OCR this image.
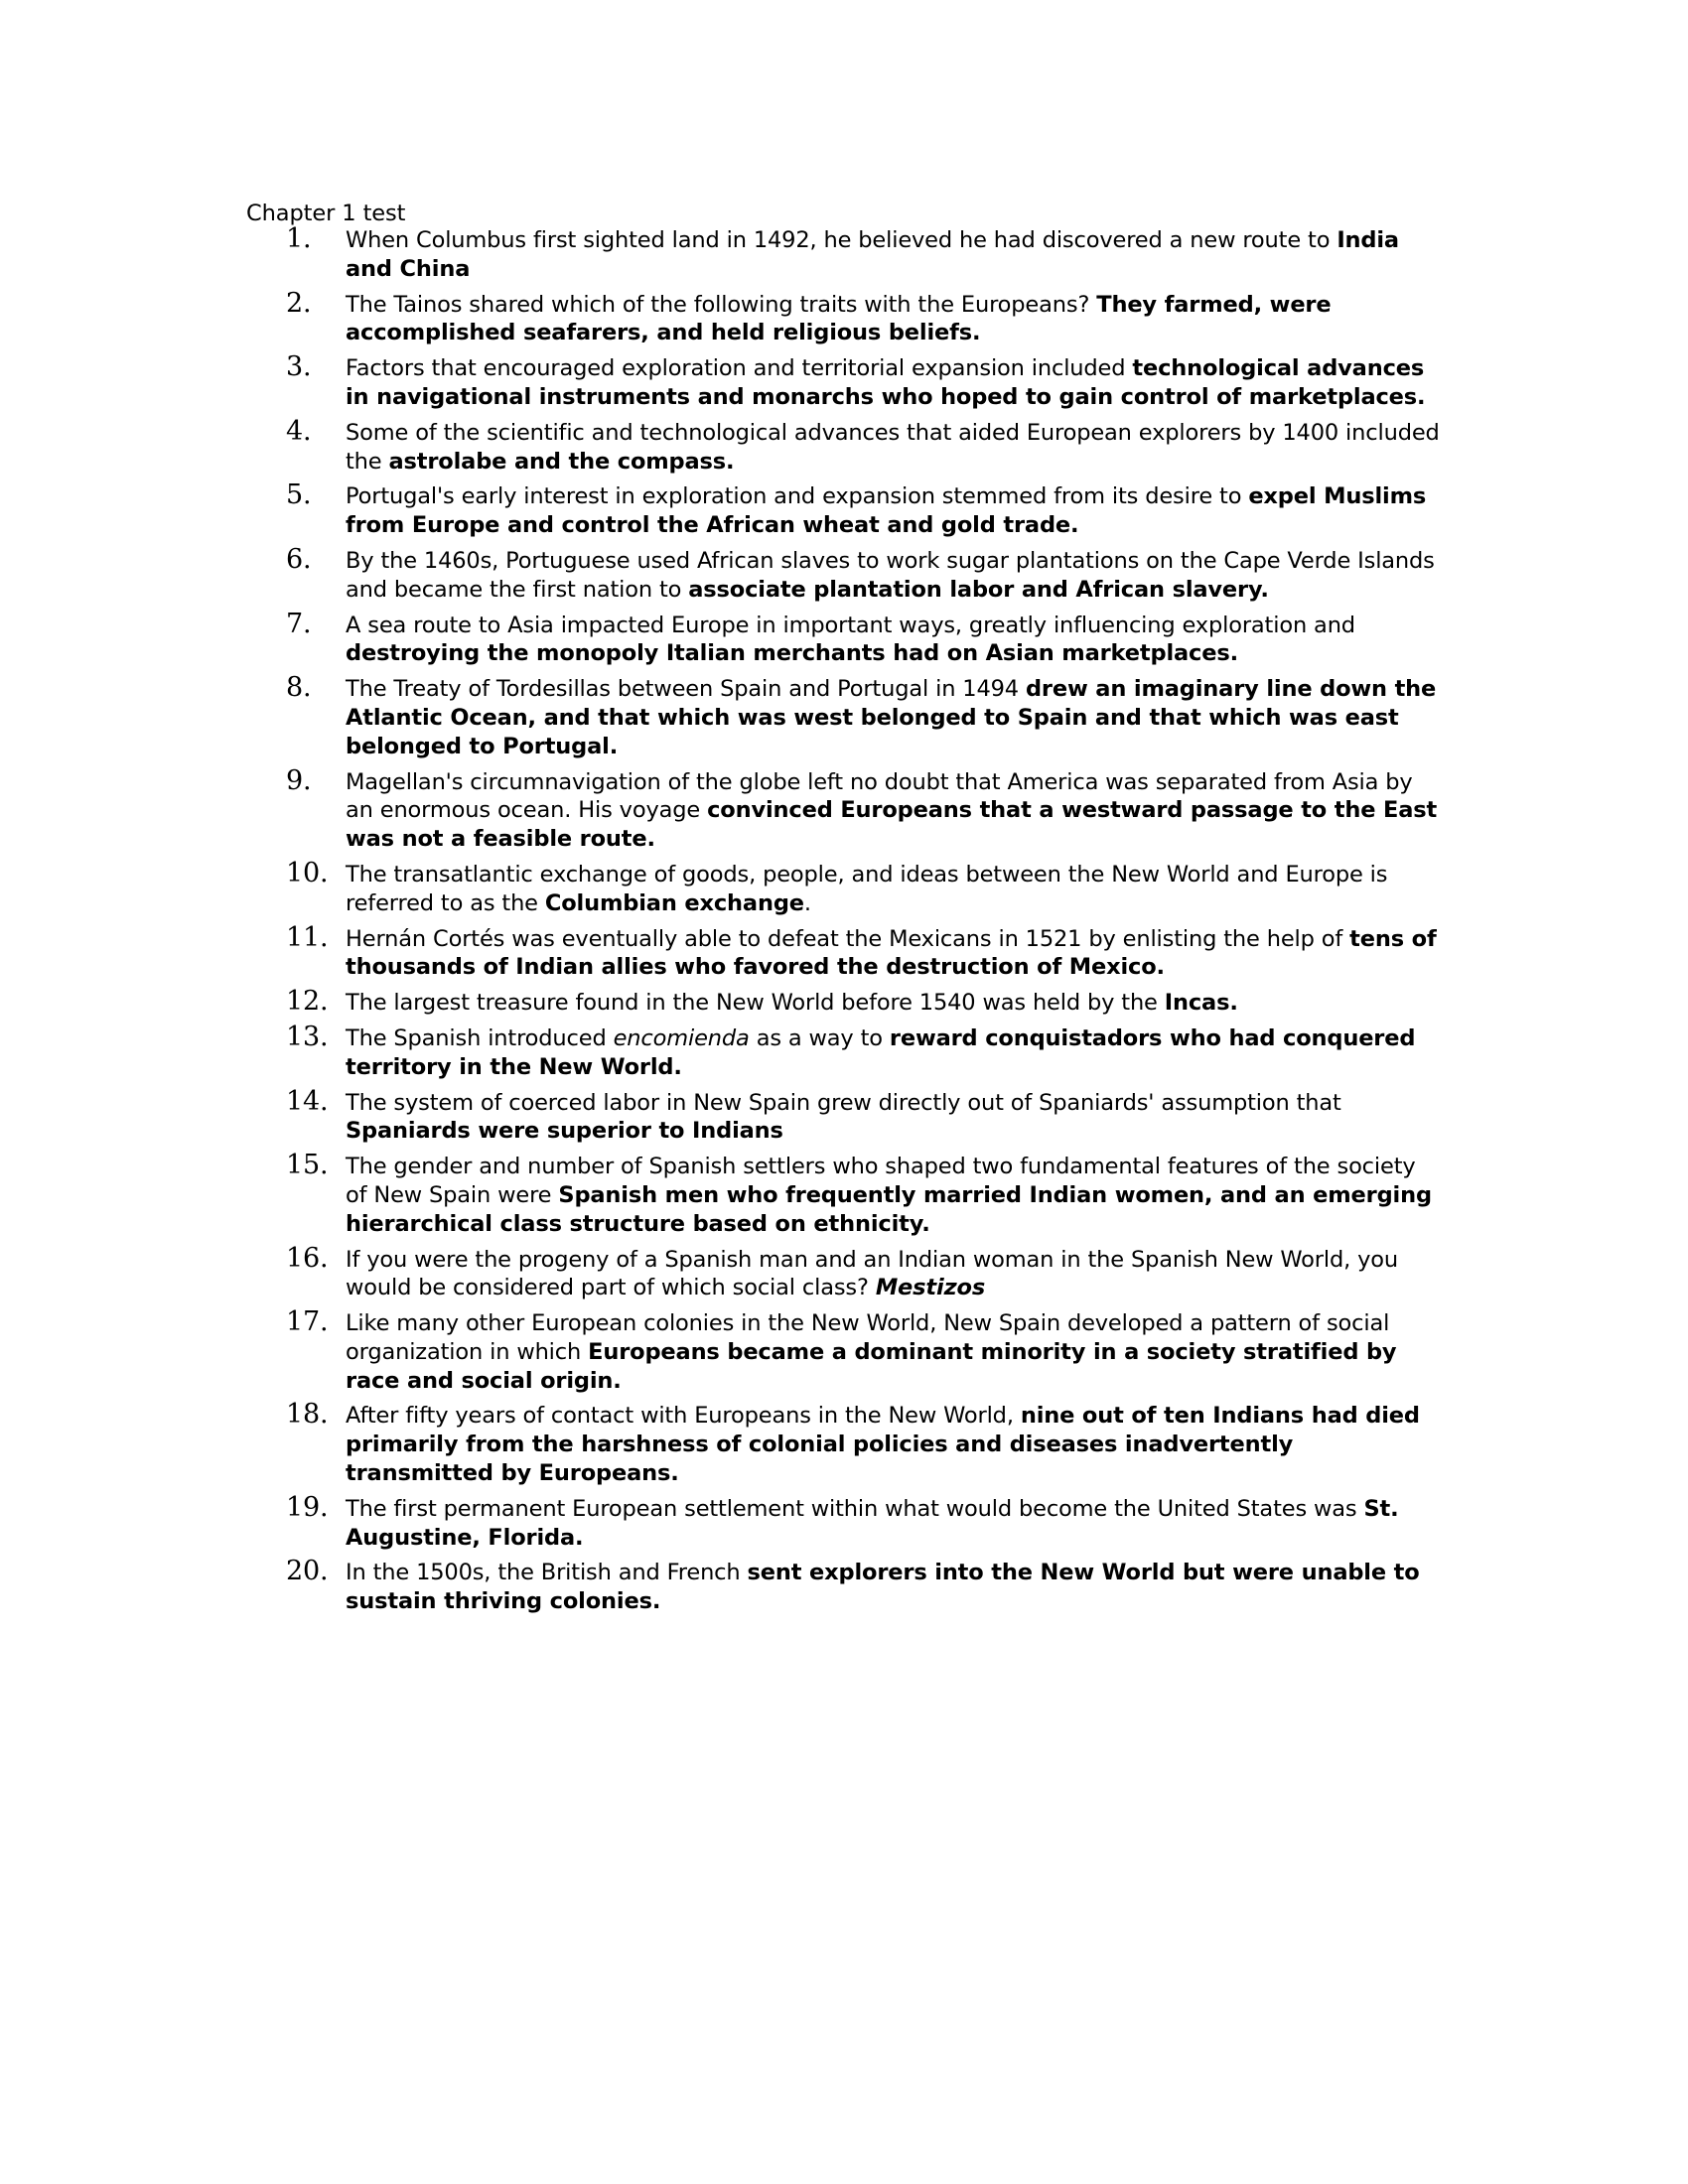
Chapter 1 test
1.	When Columbus first sighted land in 1492, he believed he had discovered a new route to India and China
2.	The Tainos shared which of the following traits with the Europeans? They farmed, were accomplished seafarers, and held religious beliefs.
3.	Factors that encouraged exploration and territorial expansion included technological advances in navigational instruments and monarchs who hoped to gain control of marketplaces.
4.	Some of the scientific and technological advances that aided European explorers by 1400 included the astrolabe and the compass.
5.	Portugal's early interest in exploration and expansion stemmed from its desire to expel Muslims from Europe and control the African wheat and gold trade.
6.	By the 1460s, Portuguese used African slaves to work sugar plantations on the Cape Verde Islands and became the first nation to associate plantation labor and African slavery.
7.	A sea route to Asia impacted Europe in important ways, greatly influencing exploration and destroying the monopoly Italian merchants had on Asian marketplaces.
8.	The Treaty of Tordesillas between Spain and Portugal in 1494 drew an imaginary line down the Atlantic Ocean, and that which was west belonged to Spain and that which was east belonged to Portugal.
9.	Magellan's circumnavigation of the globe left no doubt that America was separated from Asia by an enormous ocean. His voyage convinced Europeans that a westward passage to the East was not a feasible route.
10. The transatlantic exchange of goods, people, and ideas between the New World and Europe is referred to as the Columbian exchange.
11. Hernán Cortés was eventually able to defeat the Mexicans in 1521 by enlisting the help of tens of thousands of Indian allies who favored the destruction of Mexico.
12. The largest treasure found in the New World before 1540 was held by the Incas.
13. The Spanish introduced encomienda as a way to reward conquistadors who had conquered territory in the New World.
14. The system of coerced labor in New Spain grew directly out of Spaniards' assumption that Spaniards were superior to Indians
15. The gender and number of Spanish settlers who shaped two fundamental features of the society of New Spain were Spanish men who frequently married Indian women, and an emerging hierarchical class structure based on ethnicity.
16. If you were the progeny of a Spanish man and an Indian woman in the Spanish New World, you would be considered part of which social class? Mestizos
17. Like many other European colonies in the New World, New Spain developed a pattern of social organization in which Europeans became a dominant minority in a society stratified by race and social origin.
18. After fifty years of contact with Europeans in the New World, nine out of ten Indians had died primarily from the harshness of colonial policies and diseases inadvertently transmitted by Europeans.
19. The first permanent European settlement within what would become the United States was St. Augustine, Florida.
20. In the 1500s, the British and French sent explorers into the New World but were unable to sustain thriving colonies.
